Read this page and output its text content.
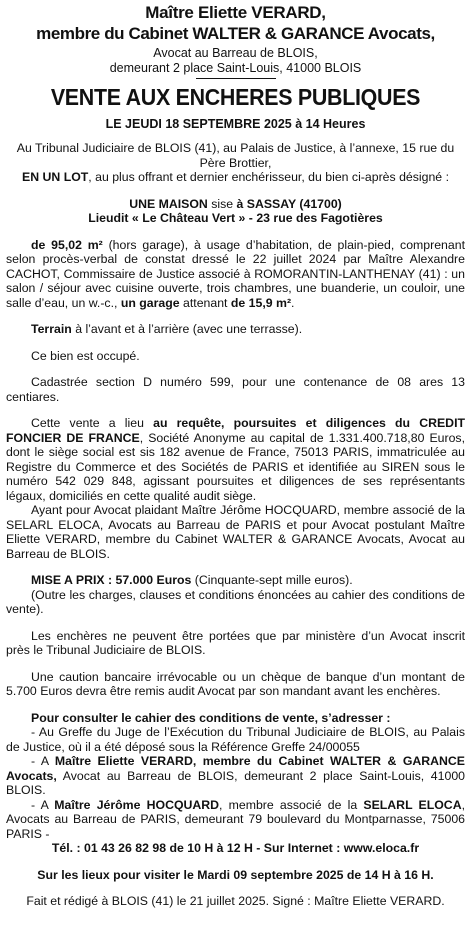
Maître Eliette VERARD,

membre du Cabinet WALTER & GARANCE Avocats,

Avocat au Barreau de BLOIS,

demeurant 2 place Saint-Louis, 41000 BLOIS

VENTE AUX ENCHERES PUBLIQUES

LE JEUDI 18 SEPTEMBRE 2025 à 14 Heures

Au Tribunal Judiciaire de BLOIS (41), au Palais de Justice, à l’annexe, 15 rue du Père Brottier,

EN UN LOT, au plus offrant et dernier enchérisseur, du bien ci-après désigné :

UNE MAISON sise à SASSAY (41700)

Lieudit « Le Château Vert » - 23 rue des Fagotières

de 95,02 m² (hors garage), à usage d’habitation, de plain-pied, comprenant selon procès-verbal de constat dressé le 22 juillet 2024 par Maître Alexandre CACHOT, Commissaire de Justice associé à ROMORANTIN-LANTHENAY (41) : un salon / séjour avec cuisine ouverte, trois chambres, une buanderie, un couloir, une salle d’eau, un w.-c., un garage attenant de 15,9 m².

Terrain à l’avant et à l’arrière (avec une terrasse).

Ce bien est occupé.

Cadastrée section D numéro 599, pour une contenance de 08 ares 13 centiares.

Cette vente a lieu au requête, poursuites et diligences du CREDIT FONCIER DE FRANCE, Société Anonyme au capital de 1.331.400.718,80 Euros, dont le siège social est sis 182 avenue de France, 75013 PARIS, immatriculée au Registre du Commerce et des Sociétés de PARIS et identifiée au SIREN sous le numéro 542 029 848, agissant poursuites et diligences de ses représentants légaux, domiciliés en cette qualité audit siège.

Ayant pour Avocat plaidant Maître Jérôme HOCQUARD, membre associé de la SELARL ELOCA, Avocats au Barreau de PARIS et pour Avocat postulant Maître Eliette VERARD, membre du Cabinet WALTER & GARANCE Avocats, Avocat au Barreau de BLOIS.

MISE A PRIX : 57.000 Euros (Cinquante-sept mille euros).

(Outre les charges, clauses et conditions énoncées au cahier des conditions de vente).

Les enchères ne peuvent être portées que par ministère d’un Avocat inscrit près le Tribunal Judiciaire de BLOIS.

Une caution bancaire irrévocable ou un chèque de banque d’un montant de 5.700 Euros devra être remis audit Avocat par son mandant avant les enchères.

Pour consulter le cahier des conditions de vente, s’adresser :

- Au Greffe du Juge de l’Exécution du Tribunal Judiciaire de BLOIS, au Palais de Justice, où il a été déposé sous la Référence Greffe 24/00055

- A Maître Eliette VERARD, membre du Cabinet WALTER & GARANCE Avocats, Avocat au Barreau de BLOIS, demeurant 2 place Saint-Louis, 41000 BLOIS.

- A Maître Jérôme HOCQUARD, membre associé de la SELARL ELOCA, Avocats au Barreau de PARIS, demeurant 79 boulevard du Montparnasse, 75006 PARIS -

Tél. : 01 43 26 82 98 de 10 H à 12 H - Sur Internet : www.eloca.fr

Sur les lieux pour visiter le Mardi 09 septembre 2025 de 14 H à 16 H.

Fait et rédigé à BLOIS (41) le 21 juillet 2025. Signé : Maître Eliette VERARD.
